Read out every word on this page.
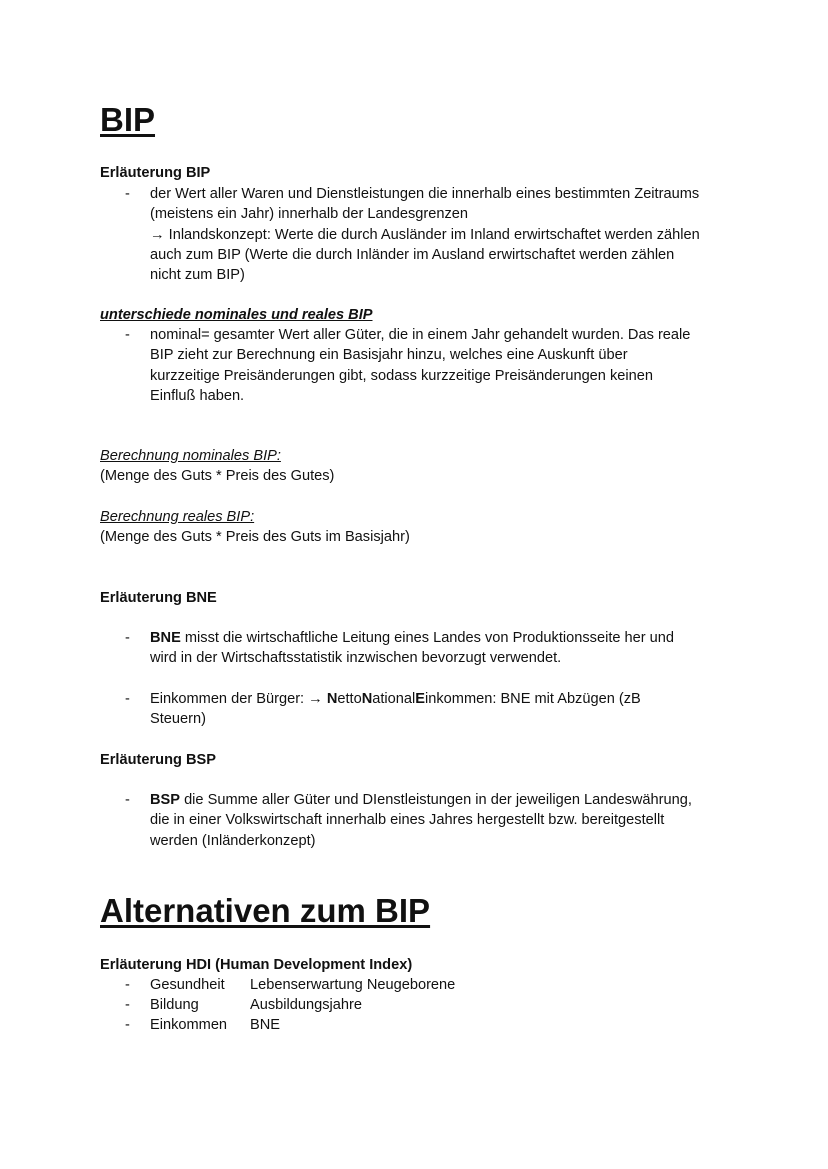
BIP
Erläuterung BIP
-	der Wert aller Waren und Dienstleistungen die innerhalb eines bestimmten Zeitraums
(meistens ein Jahr) innerhalb der Landesgrenzen
→ Inlandskonzept: Werte die durch Ausländer im Inland erwirtschaftet werden zählen
auch zum BIP (Werte die durch Inländer im Ausland erwirtschaftet werden zählen
nicht zum BIP)
unterschiede nominales und reales BIP
-	nominal= gesamter Wert aller Güter, die in einem Jahr gehandelt wurden. Das reale
BIP zieht zur Berechnung ein Basisjahr hinzu, welches eine Auskunft über
kurzzeitige Preisänderungen gibt, sodass kurzzeitige Preisänderungen keinen
Einfluß haben.
Berechnung nominales BIP:
(Menge des Guts * Preis des Gutes)
Berechnung reales BIP:
(Menge des Guts * Preis des Guts im Basisjahr)
Erläuterung BNE
-	BNE misst die wirtschaftliche Leitung eines Landes von Produktionsseite her und
wird in der Wirtschaftsstatistik inzwischen bevorzugt verwendet.
-	Einkommen der Bürger: → NettoNationalEinkommen: BNE mit Abzügen (zB
Steuern)
Erläuterung BSP
-	BSP die Summe aller Güter und DIenstleistungen in der jeweiligen Landeswährung,
die in einer Volkswirtschaft innerhalb eines Jahres hergestellt bzw. bereitgestellt
werden (Inländerkonzept)
Alternativen zum BIP
Erläuterung HDI (Human Development Index)
-	Gesundheit Lebenserwartung Neugeborene
-	Bildung	Ausbildungsjahre
-	Einkommen BNE
